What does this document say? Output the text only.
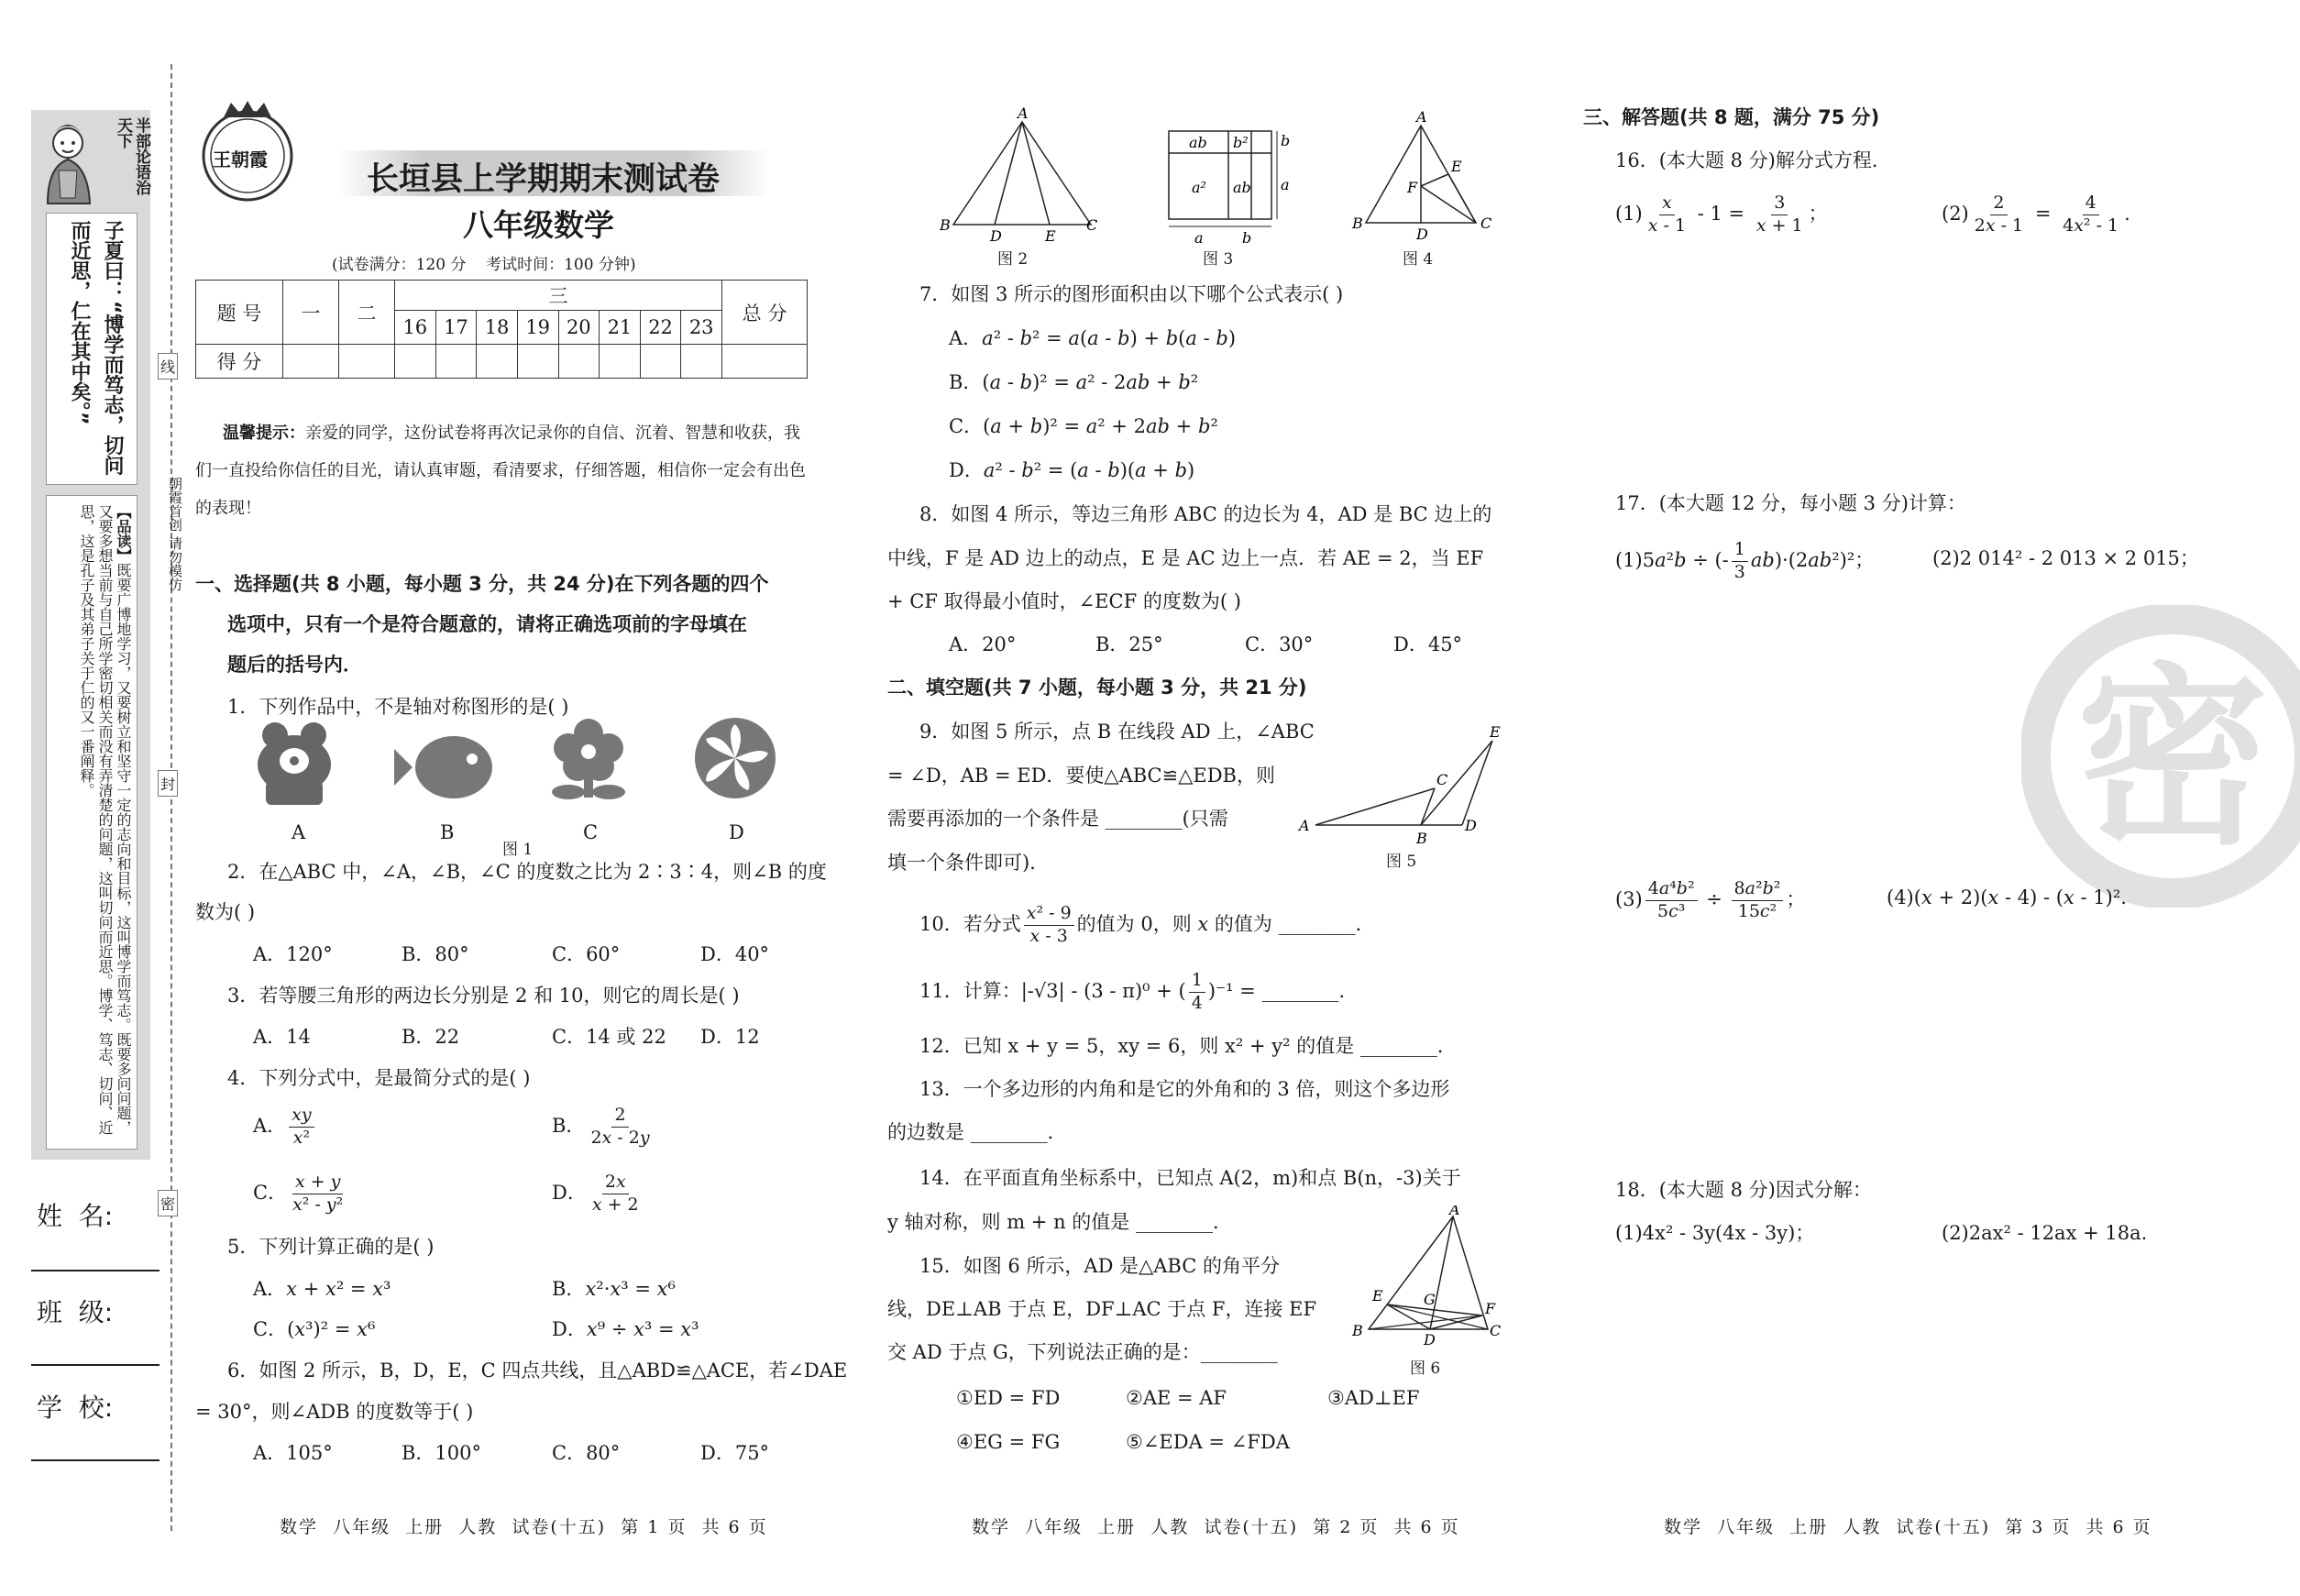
半部论语治天下
子夏曰：“博学而笃志，切问而近思，仁在其中矣。”
【品读】既要广博地学习，又要树立和坚守一定的志向和目标，这叫博学而笃志。既要多问问题，又要多想当前与自己所学密切相关而没有弄清楚的问题，这叫切问而近思。博学、笃志、切问、近思，这是孔子及其弟子关于仁的又一番阐释。
姓  名:
班  级:
学  校:
线
封
密
朝霞首创 请勿模仿
王朝霞
长垣县上学期期末测试卷
八年级数学
(试卷满分：120 分    考试时间：100 分钟)
题 号	一	二	三								总 分
			16	17	18	19	20	21	22	23	
得 分											
温馨提示：亲爱的同学，这份试卷将再次记录你的自信、沉着、智慧和收获，我们一直投给你信任的目光，请认真审题，看清要求，仔细答题，相信你一定会有出色的表现！
一、选择题(共 8 小题，每小题 3 分，共 24 分)在下列各题的四个
选项中，只有一个是符合题意的，请将正确选项前的字母填在
题后的括号内．
1．下列作品中，不是轴对称图形的是( )
A	B	C	D
图 1
2．在△ABC 中，∠A，∠B，∠C 的度数之比为 2∶3∶4，则∠B 的度
数为( )
A．120°	B．80°	C．60°	D．40°
3．若等腰三角形的两边长分别是 2 和 10，则它的周长是( )
A．14	B．22	C．14 或 22 D．12
4．下列分式中，是最简分式的是( )
A． $\frac{xy}{\text{x²}}$	B． $\frac{2}{2x - 2y}$
C． $\frac{x + y}{\text{x² - y²}}$	D． $\frac{2x}{x + 2}$
5．下列计算正确的是( )
A．x + x² = x³	B．x²·x³ = x⁶
C．(x³)² = x⁶	D．x⁹ ÷ x³ = x³
6．如图 2 所示，B，D，E，C 四点共线，且△ABD≌△ACE，若∠DAE
= 30°，则∠ADB 的度数等于( )
A．105°	B．100°	C．80°	D．75°
数学  八年级  上册  人教  试卷(十五)  第 1 页  共 6 页
A
B
D	E
C
ab b²
a² ab
b
a
a	b
A
B
D
C
F
E
图 2	图 3	图 4
7．如图 3 所示的图形面积由以下哪个公式表示( )
A．a² - b² = a(a - b) + b(a - b)
B．(a - b)² = a² - 2ab + b²
C．(a + b)² = a² + 2ab + b²
D．a² - b² = (a - b)(a + b)
8．如图 4 所示，等边三角形 ABC 的边长为 4，AD 是 BC 边上的
中线，F 是 AD 边上的动点，E 是 AC 边上一点．若 AE = 2，当 EF
+ CF 取得最小值时，∠ECF 的度数为( )
A．20°	B．25°	C．30°	D．45°
二、填空题(共 7 小题，每小题 3 分，共 21 分)
9．如图 5 所示，点 B 在线段 AD 上，∠ABC
= ∠D，AB = ED．要使△ABC≌△EDB，则
需要再添加的一个条件是 ________(只需
填一个条件即可)．
A
B
C
D
E
图 5
10．若分式 $\frac{\text{x² - 9}}{x - 3}$ 的值为 0，则 x 的值为 ________．
11．计算：|-√3| - (3 - π)⁰ + ( $\frac{1}{4} )^{-1}$ = ________．
12．已知 x + y = 5，xy = 6，则 x² + y² 的值是 ________．
13．一个多边形的内角和是它的外角和的 3 倍，则这个多边形
的边数是 ________．
14．在平面直角坐标系中，已知点 A(2，m)和点 B(n，-3)关于
y 轴对称，则 m + n 的值是 ________．
15．如图 6 所示，AD 是△ABC 的角平分
线，DE⊥AB 于点 E，DF⊥AC 于点 F，连接 EF
交 AD 于点 G，下列说法正确的是：________
A
B	C
D
E
F
G
图 6
①ED = FD	②AE = AF	③AD⊥EF
④EG = FG	⑤∠EDA = ∠FDA
数学  八年级  上册  人教  试卷(十五)  第 2 页  共 6 页
密
三、解答题(共 8 题，满分 75 分)
16．(本大题 8 分)解分式方程．
$(1) \frac{x}{x - 1} - 1 = \frac{3}{x + 1}$ ；	$(2) \frac{2}{2x - 1} = \frac{4}{\text{4x² - 1}}$ .
17．(本大题 12 分，每小题 3 分)计算：
(1)5a²b ÷ (- $\frac{1}{3} ab)\cdot(2ab^2)^2$；	(2)2 014² - 2 013 × 2 015；
$(3) \frac{\text{4a⁴b²}}{\text{5c³}} \div \frac{\text{8a²b²}}{\text{15c²}}$ ；	(4)(x + 2)(x - 4) - (x - 1)².
18．(本大题 8 分)因式分解：
(1)4x² - 3y(4x - 3y)；	(2)2ax² - 12ax + 18a.
数学  八年级  上册  人教  试卷(十五)  第 3 页  共 6 页
